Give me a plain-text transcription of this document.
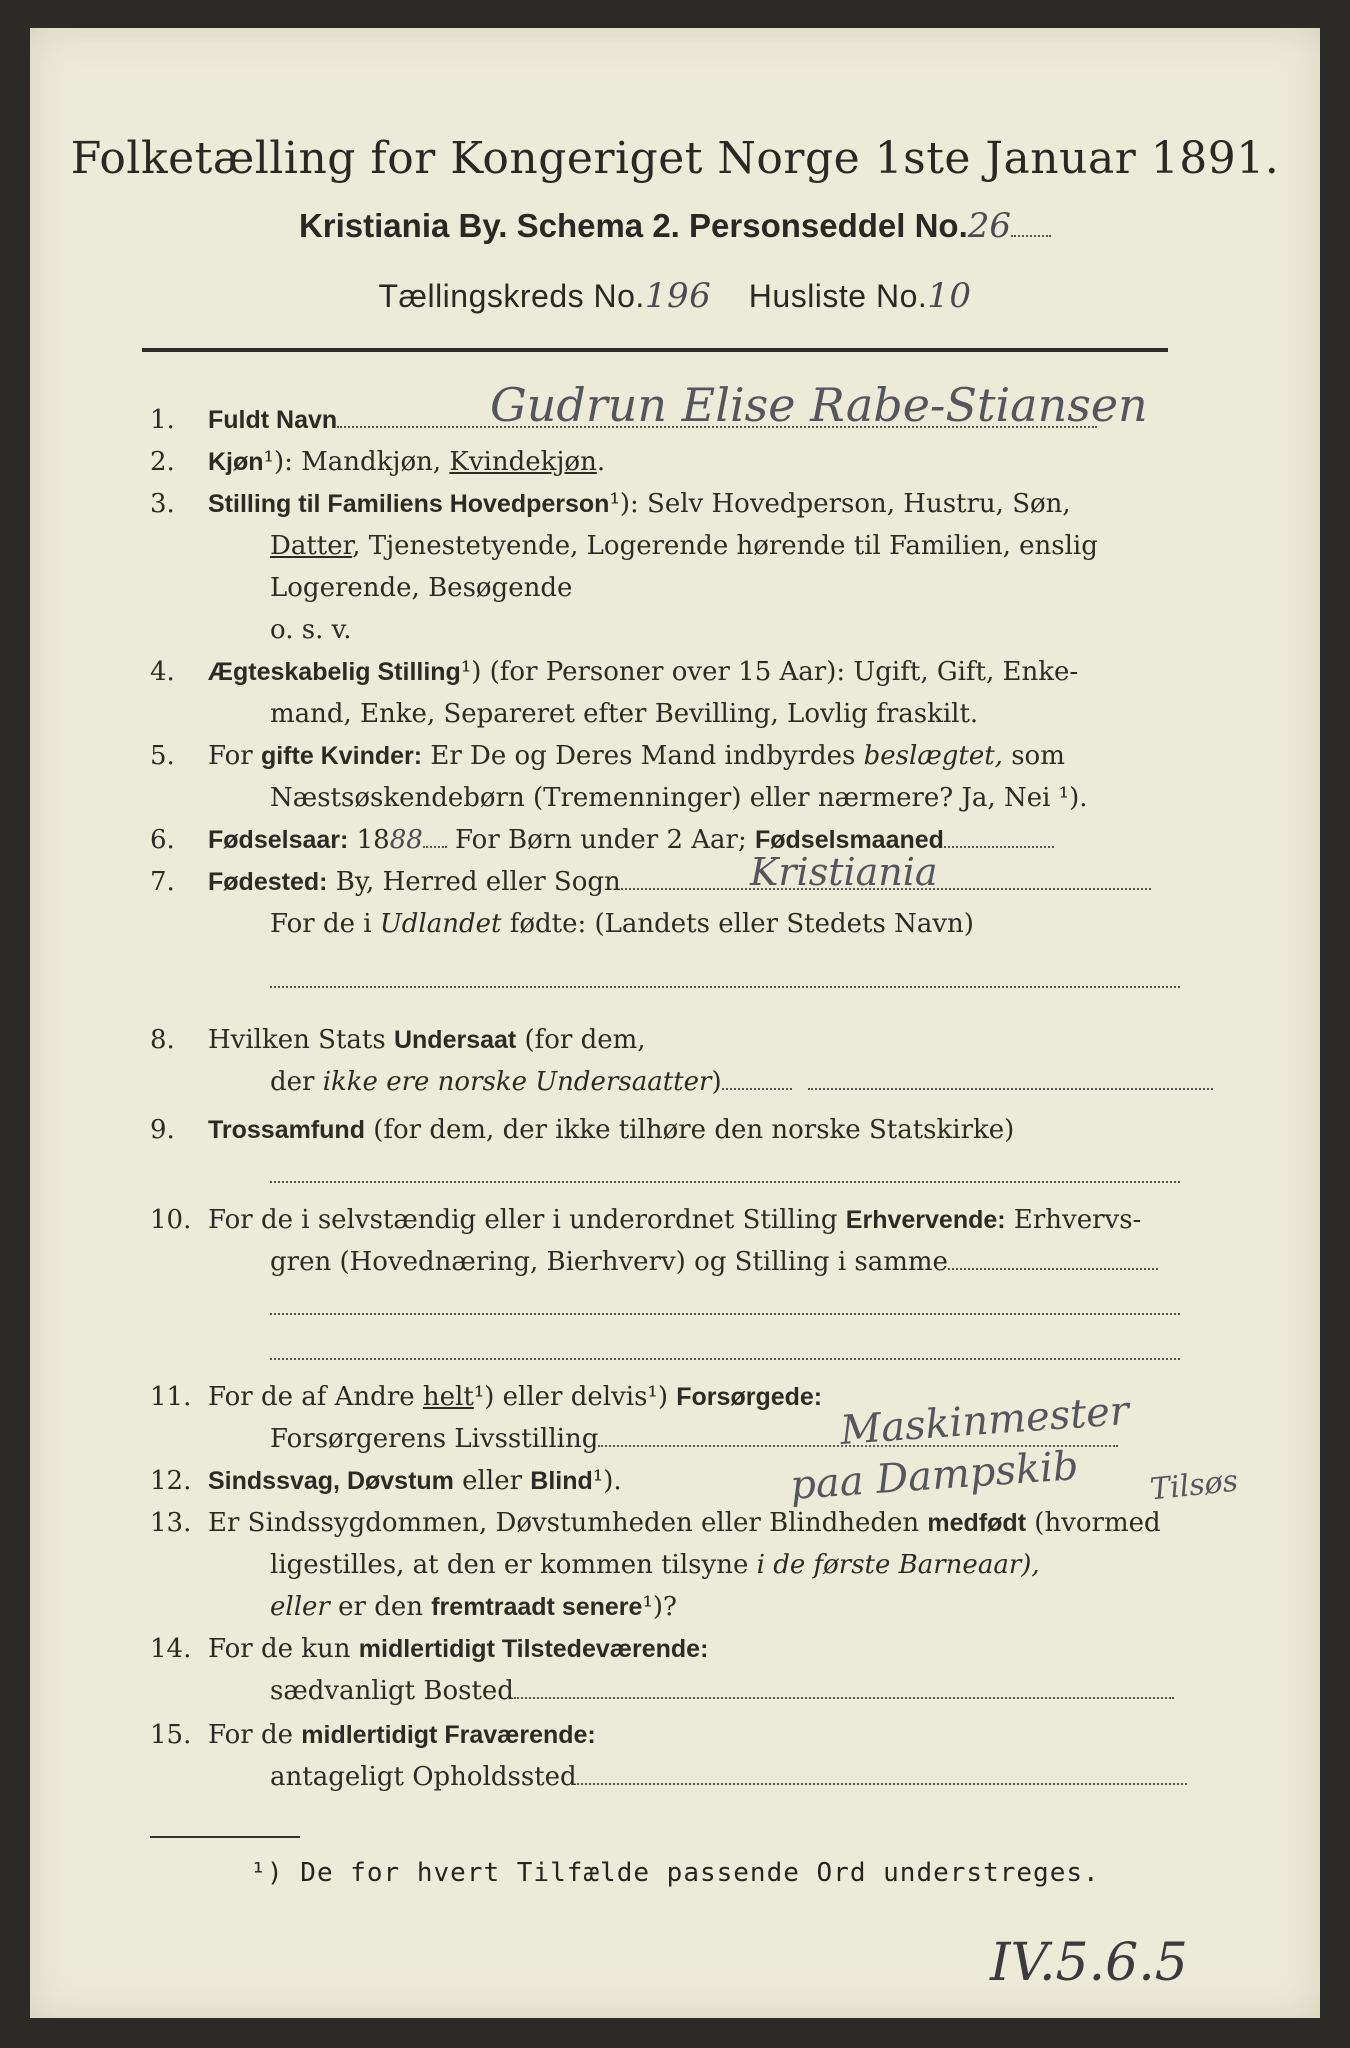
Folketælling for Kongeriget Norge 1ste Januar 1891.
Kristiania By. Schema 2. Personseddel No.26
Tællingskreds No.196 Husliste No.10
1. Fuldt Navn	Gudrun Elise Rabe-Stiansen
2. Kjøn¹): Mandkjøn, Kvindekjøn.
3. Stilling til Familiens Hovedperson¹): Selv Hovedperson, Hustru, Søn,
Datter, Tjenestetyende, Logerende hørende til Familien, enslig
Logerende, Besøgende
o. s. v.
4. Ægteskabelig Stilling¹) (for Personer over 15 Aar): Ugift, Gift, Enke-
mand, Enke, Separeret efter Bevilling, Lovlig fraskilt.
5. For gifte Kvinder: Er De og Deres Mand indbyrdes beslægtet, som
Næstsøskendebørn (Tremenninger) eller nærmere? Ja, Nei ¹).
6. Fødselsaar: 1888 For Børn under 2 Aar; Fødselsmaaned
7. Fødested: By, Herred eller Sogn	Kristiania
For de i Udlandet fødte: (Landets eller Stedets Navn)
8. Hvilken Stats Undersaat (for dem,
der ikke ere norske Undersaatter)
9. Trossamfund (for dem, der ikke tilhøre den norske Statskirke)
10. For de i selvstændig eller i underordnet Stilling Erhvervende: Erhvervs-
gren (Hovednæring, Bierhverv) og Stilling i samme
11. For de af Andre helt¹) eller delvis¹) Forsørgede:
Forsørgerens Livsstilling	Maskinmester
paa Dampskib Tilsøs
12. Sindssvag, Døvstum eller Blind¹).
13. Er Sindssygdommen, Døvstumheden eller Blindheden medfødt (hvormed
ligestilles, at den er kommen tilsyne i de første Barneaar),
eller er den fremtraadt senere¹)?
14. For de kun midlertidigt Tilstedeværende:
sædvanligt Bosted
15. For de midlertidigt Fraværende:
antageligt Opholdssted
¹) De for hvert Tilfælde passende Ord understreges.
IV.5.6.5
